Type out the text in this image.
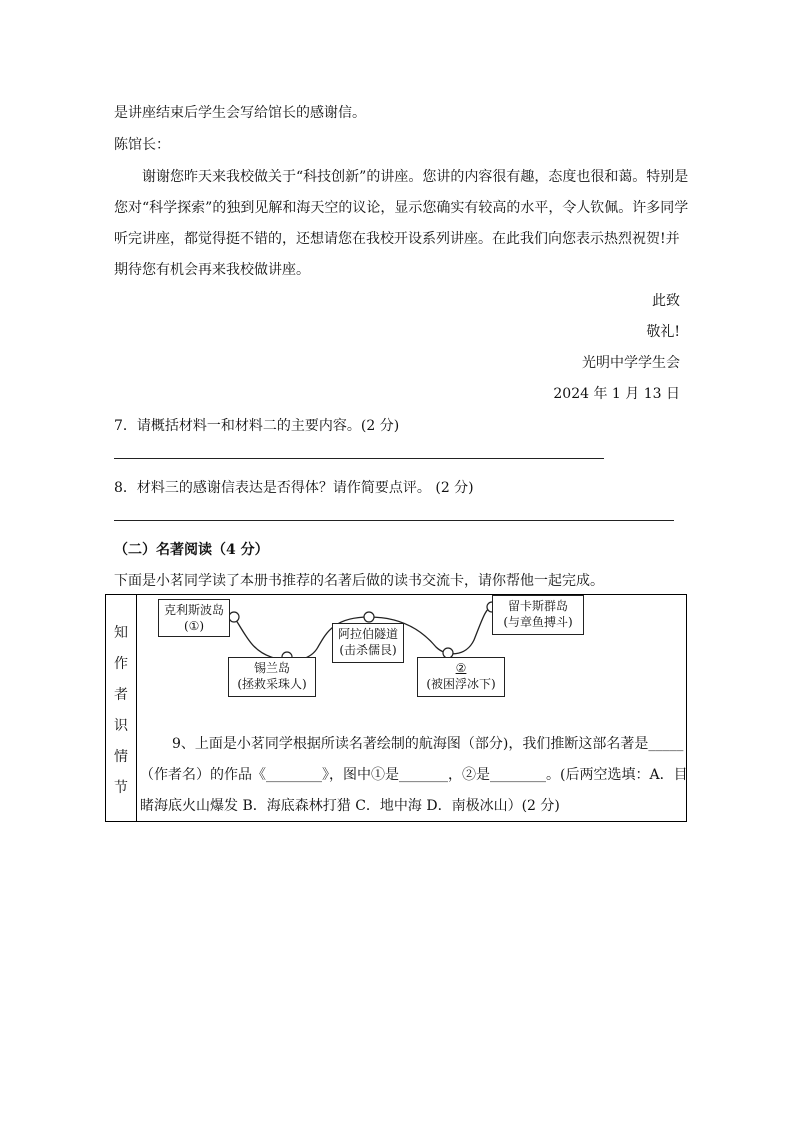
是讲座结束后学生会写给馆长的感谢信。
陈馆长：
谢谢您昨天来我校做关于“科技创新”的讲座。您讲的内容很有趣，态度也很和蔼。特别是
您对“科学探索”的独到见解和海天空的议论，显示您确实有较高的水平，令人钦佩。许多同学
听完讲座，都觉得挺不错的，还想请您在我校开设系列讲座。在此我们向您表示热烈祝贺!并
期待您有机会再来我校做讲座。
此致
敬礼!
光明中学学生会
2024 年 1 月 13 日
7．请概括材料一和材料二的主要内容。(2 分)
8．材料三的感谢信表达是否得体？请作简要点评。 (2 分)
（二）名著阅读（4 分）
下面是小茗同学读了本册书推荐的名著后做的读书交流卡，请你帮他一起完成。
知
作
者
识
情
节
克利斯波岛
(①)
锡兰岛
(拯救采珠人)
阿拉伯隧道
(击杀儒艮)
②
(被困浮冰下)
留卡斯群岛
(与章鱼搏斗)
9、上面是小茗同学根据所读名著绘制的航海图（部分)，我们推断这部名著是_____
（作者名）的作品《________》，图中①是_______，②是________。(后两空选填：A．目
睹海底火山爆发 B．海底森林打猎 C．地中海 D．南极冰山）(2 分)
